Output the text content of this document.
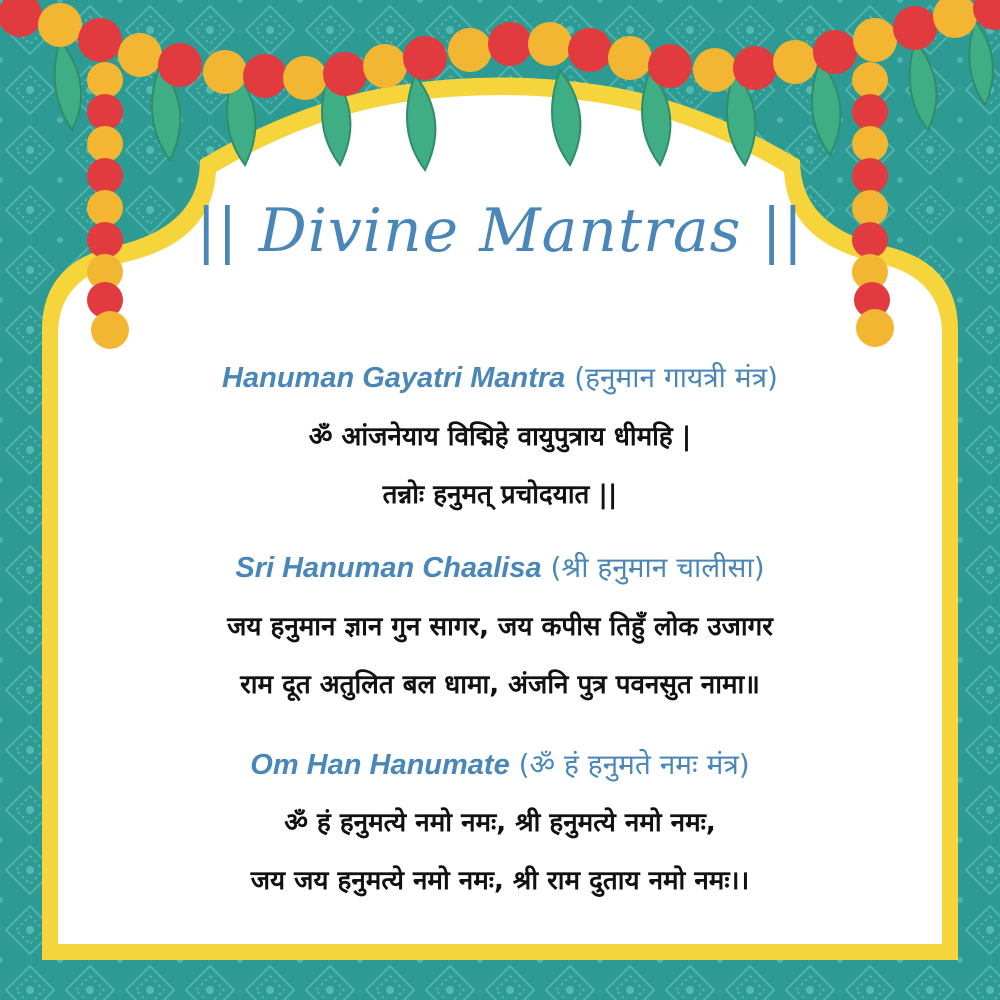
|| Divine Mantras ||
Hanuman Gayatri Mantra (हनुमान गायत्री मंत्र)
ॐ आंजनेयाय विद्मिहे वायुपुत्राय धीमहि |
तन्नोः हनुमत् प्रचोदयात ||
Sri Hanuman Chaalisa (श्री हनुमान चालीसा)
जय हनुमान ज्ञान गुन सागर, जय कपीस तिहुँ लोक उजागर
राम दूत अतुलित बल धामा, अंजनि पुत्र पवनसुत नामा॥
Om Han Hanumate (ॐ हं हनुमते नमः मंत्र)
ॐ हं हनुमत्ये नमो नमः, श्री हनुमत्ये नमो नमः,
जय जय हनुमत्ये नमो नमः, श्री राम दुताय नमो नमः।।
